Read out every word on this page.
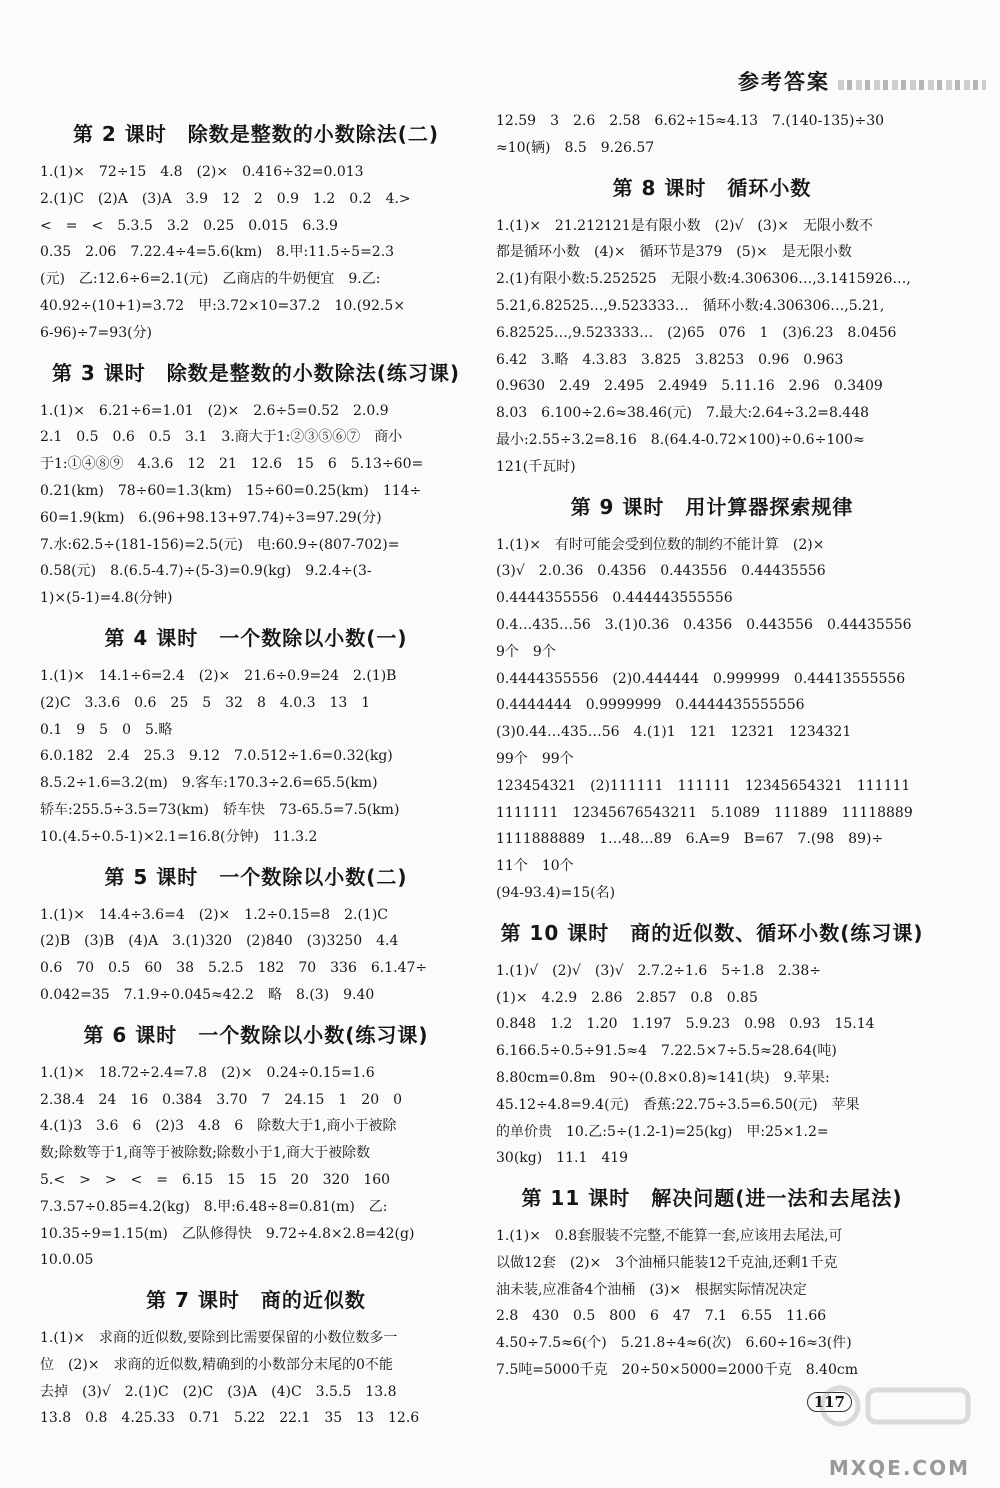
参考答案
第 2 课时　除数是整数的小数除法(二)
1.(1)×　72÷15　4.8　(2)×　0.416÷32=0.013
2.(1)C　(2)A　(3)A　3.9　12　2　0.9　1.2　0.2　4.>
<　=　<　5.3.5　3.2　0.25　0.015　6.3.9
0.35　2.06　7.22.4÷4=5.6(km)　8.甲:11.5÷5=2.3
(元)　乙:12.6÷6=2.1(元)　乙商店的牛奶便宜　9.乙:
40.92÷(10+1)=3.72　甲:3.72×10=37.2　10.(92.5×
6-96)÷7=93(分)
第 3 课时　除数是整数的小数除法(练习课)
1.(1)×　6.21÷6=1.01　(2)×　2.6÷5=0.52　2.0.9
2.1　0.5　0.6　0.5　3.1　3.商大于1:②③⑤⑥⑦　商小
于1:①④⑧⑨　4.3.6　12　21　12.6　15　6　5.13÷60=
0.21(km)　78÷60=1.3(km)　15÷60=0.25(km)　114÷
60=1.9(km)　6.(96+98.13+97.74)÷3=97.29(分)
7.水:62.5÷(181-156)=2.5(元)　电:60.9÷(807-702)=
0.58(元)　8.(6.5-4.7)÷(5-3)=0.9(kg)　9.2.4÷(3-
1)×(5-1)=4.8(分钟)
第 4 课时　一个数除以小数(一)
1.(1)×　14.1÷6=2.4　(2)×　21.6÷0.9=24　2.(1)B
(2)C　3.3.6　0.6　25　5　32　8　4.0.3　13　1
0.1　9　5　0　5.略
6.0.182　2.4　25.3　9.12　7.0.512÷1.6=0.32(kg)
8.5.2÷1.6=3.2(m)　9.客车:170.3÷2.6=65.5(km)
轿车:255.5÷3.5=73(km)　轿车快　73-65.5=7.5(km)
10.(4.5÷0.5-1)×2.1=16.8(分钟)　11.3.2
第 5 课时　一个数除以小数(二)
1.(1)×　14.4÷3.6=4　(2)×　1.2÷0.15=8　2.(1)C
(2)B　(3)B　(4)A　3.(1)320　(2)840　(3)3250　4.4
0.6　70　0.5　60　38　5.2.5　182　70　336　6.1.47÷
0.042=35　7.1.9÷0.045≈42.2　略　8.(3)　9.40
第 6 课时　一个数除以小数(练习课)
1.(1)×　18.72÷2.4=7.8　(2)×　0.24÷0.15=1.6
2.38.4　24　16　0.384　3.70　7　24.15　1　20　0
4.(1)3　3.6　6　(2)3　4.8　6　除数大于1,商小于被除
数;除数等于1,商等于被除数;除数小于1,商大于被除数
5.<　>　>　<　=　6.15　15　15　20　320　160
7.3.57÷0.85=4.2(kg)　8.甲:6.48÷8=0.81(m)　乙:
10.35÷9=1.15(m)　乙队修得快　9.72÷4.8×2.8=42(g)
10.0.05
第 7 课时　商的近似数
1.(1)×　求商的近似数,要除到比需要保留的小数位数多一
位　(2)×　求商的近似数,精确到的小数部分末尾的0不能
去掉　(3)√　2.(1)C　(2)C　(3)A　(4)C　3.5.5　13.8
13.8　0.8　4.25.33　0.71　5.22　22.1　35　13　12.6
12.59　3　2.6　2.58　6.62÷15≈4.13　7.(140-135)÷30
≈10(辆)　8.5　9.26.57
第 8 课时　循环小数
1.(1)×　21.212121是有限小数　(2)√　(3)×　无限小数不
都是循环小数　(4)×　循环节是379　(5)×　是无限小数
2.(1)有限小数:5.252525　无限小数:4.306306…,3.1415926…,
5.21,6.82525…,9.523333…　循环小数:4.306306…,5.21,
6.82525…,9.523333…　(2)65　076　1　(3)6.23　8.0456
6.42　3.略　4.3.83　3.825　3.8253　0.96　0.963
0.9630　2.49　2.495　2.4949　5.11.16　2.96　0.3409
8.03　6.100÷2.6≈38.46(元)　7.最大:2.64÷3.2=8.448
最小:2.55÷3.2=8.16　8.(64.4-0.72×100)÷0.6÷100≈
121(千瓦时)
第 9 课时　用计算器探索规律
1.(1)×　有时可能会受到位数的制约不能计算　(2)×
(3)√　2.0.36　0.4356　0.443556　0.44435556
0.4444355556　0.444443555556
0.4…435…56　3.(1)0.36　0.4356　0.443556　0.44435556
9个　9个
0.4444355556　(2)0.444444　0.999999　0.44413555556
0.4444444　0.9999999　0.4444435555556
(3)0.44…435…56　4.(1)1　121　12321　1234321
99个　99个
123454321　(2)111111　111111　12345654321　111111
1111111　12345676543211　5.1089　111889　11118889
1111888889　1…48…89　6.A=9　B=67　7.(98　89)÷
11个　10个
(94-93.4)=15(名)
第 10 课时　商的近似数、循环小数(练习课)
1.(1)√　(2)√　(3)√　2.7.2÷1.6　5÷1.8　2.38÷
(1)×　4.2.9　2.86　2.857　0.8　0.85
0.848　1.2　1.20　1.197　5.9.23　0.98　0.93　15.14
6.166.5÷0.5÷91.5≈4　7.22.5×7÷5.5≈28.64(吨)
8.80cm=0.8m　90÷(0.8×0.8)≈141(块)　9.苹果:
45.12÷4.8=9.4(元)　香蕉:22.75÷3.5=6.50(元)　苹果
的单价贵　10.乙:5÷(1.2-1)=25(kg)　甲:25×1.2=
30(kg)　11.1　419
第 11 课时　解决问题(进一法和去尾法)
1.(1)×　0.8套服装不完整,不能算一套,应该用去尾法,可
以做12套　(2)×　3个油桶只能装12千克油,还剩1千克
油未装,应准备4个油桶　(3)×　根据实际情况决定
2.8　430　0.5　800　6　47　7.1　6.55　11.66
4.50÷7.5≈6(个)　5.21.8÷4≈6(次)　6.60÷16≈3(件)
7.5吨=5000千克　20÷50×5000=2000千克　8.40cm
117
MXQE.COM
